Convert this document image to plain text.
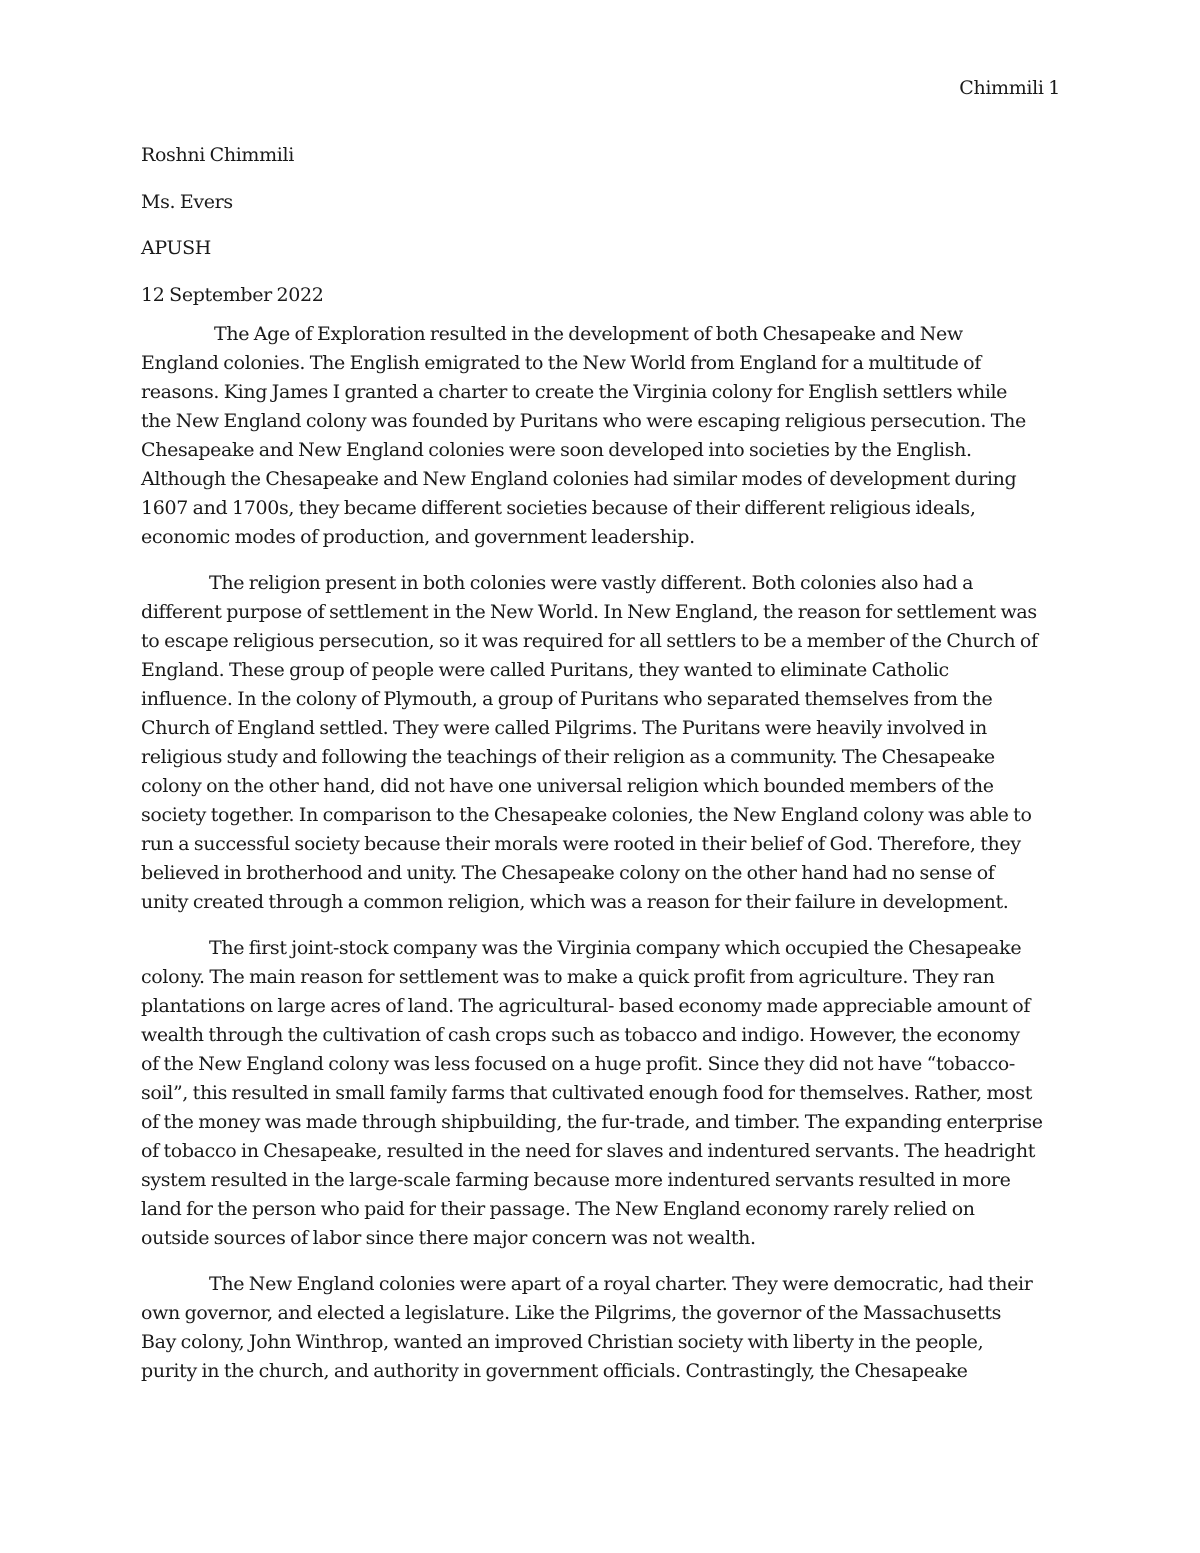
Chimmili 1
Roshni Chimmili
Ms. Evers
APUSH
12 September 2022
The Age of Exploration resulted in the development of both Chesapeake and New
England colonies. The English emigrated to the New World from England for a multitude of
reasons. King James I granted a charter to create the Virginia colony for English settlers while
the New England colony was founded by Puritans who were escaping religious persecution. The
Chesapeake and New England colonies were soon developed into societies by the English.
Although the Chesapeake and New England colonies had similar modes of development during
1607 and 1700s, they became different societies because of their different religious ideals,
economic modes of production, and government leadership.
The religion present in both colonies were vastly different. Both colonies also had a
different purpose of settlement in the New World. In New England, the reason for settlement was
to escape religious persecution, so it was required for all settlers to be a member of the Church of
England. These group of people were called Puritans, they wanted to eliminate Catholic
influence. In the colony of Plymouth, a group of Puritans who separated themselves from the
Church of England settled. They were called Pilgrims. The Puritans were heavily involved in
religious study and following the teachings of their religion as a community. The Chesapeake
colony on the other hand, did not have one universal religion which bounded members of the
society together. In comparison to the Chesapeake colonies, the New England colony was able to
run a successful society because their morals were rooted in their belief of God. Therefore, they
believed in brotherhood and unity. The Chesapeake colony on the other hand had no sense of
unity created through a common religion, which was a reason for their failure in development.
The first joint-stock company was the Virginia company which occupied the Chesapeake
colony. The main reason for settlement was to make a quick profit from agriculture. They ran
plantations on large acres of land. The agricultural- based economy made appreciable amount of
wealth through the cultivation of cash crops such as tobacco and indigo. However, the economy
of the New England colony was less focused on a huge profit. Since they did not have “tobacco-
soil”, this resulted in small family farms that cultivated enough food for themselves. Rather, most
of the money was made through shipbuilding, the fur-trade, and timber. The expanding enterprise
of tobacco in Chesapeake, resulted in the need for slaves and indentured servants. The headright
system resulted in the large-scale farming because more indentured servants resulted in more
land for the person who paid for their passage. The New England economy rarely relied on
outside sources of labor since there major concern was not wealth.
The New England colonies were apart of a royal charter. They were democratic, had their
own governor, and elected a legislature. Like the Pilgrims, the governor of the Massachusetts
Bay colony, John Winthrop, wanted an improved Christian society with liberty in the people,
purity in the church, and authority in government officials. Contrastingly, the Chesapeake
